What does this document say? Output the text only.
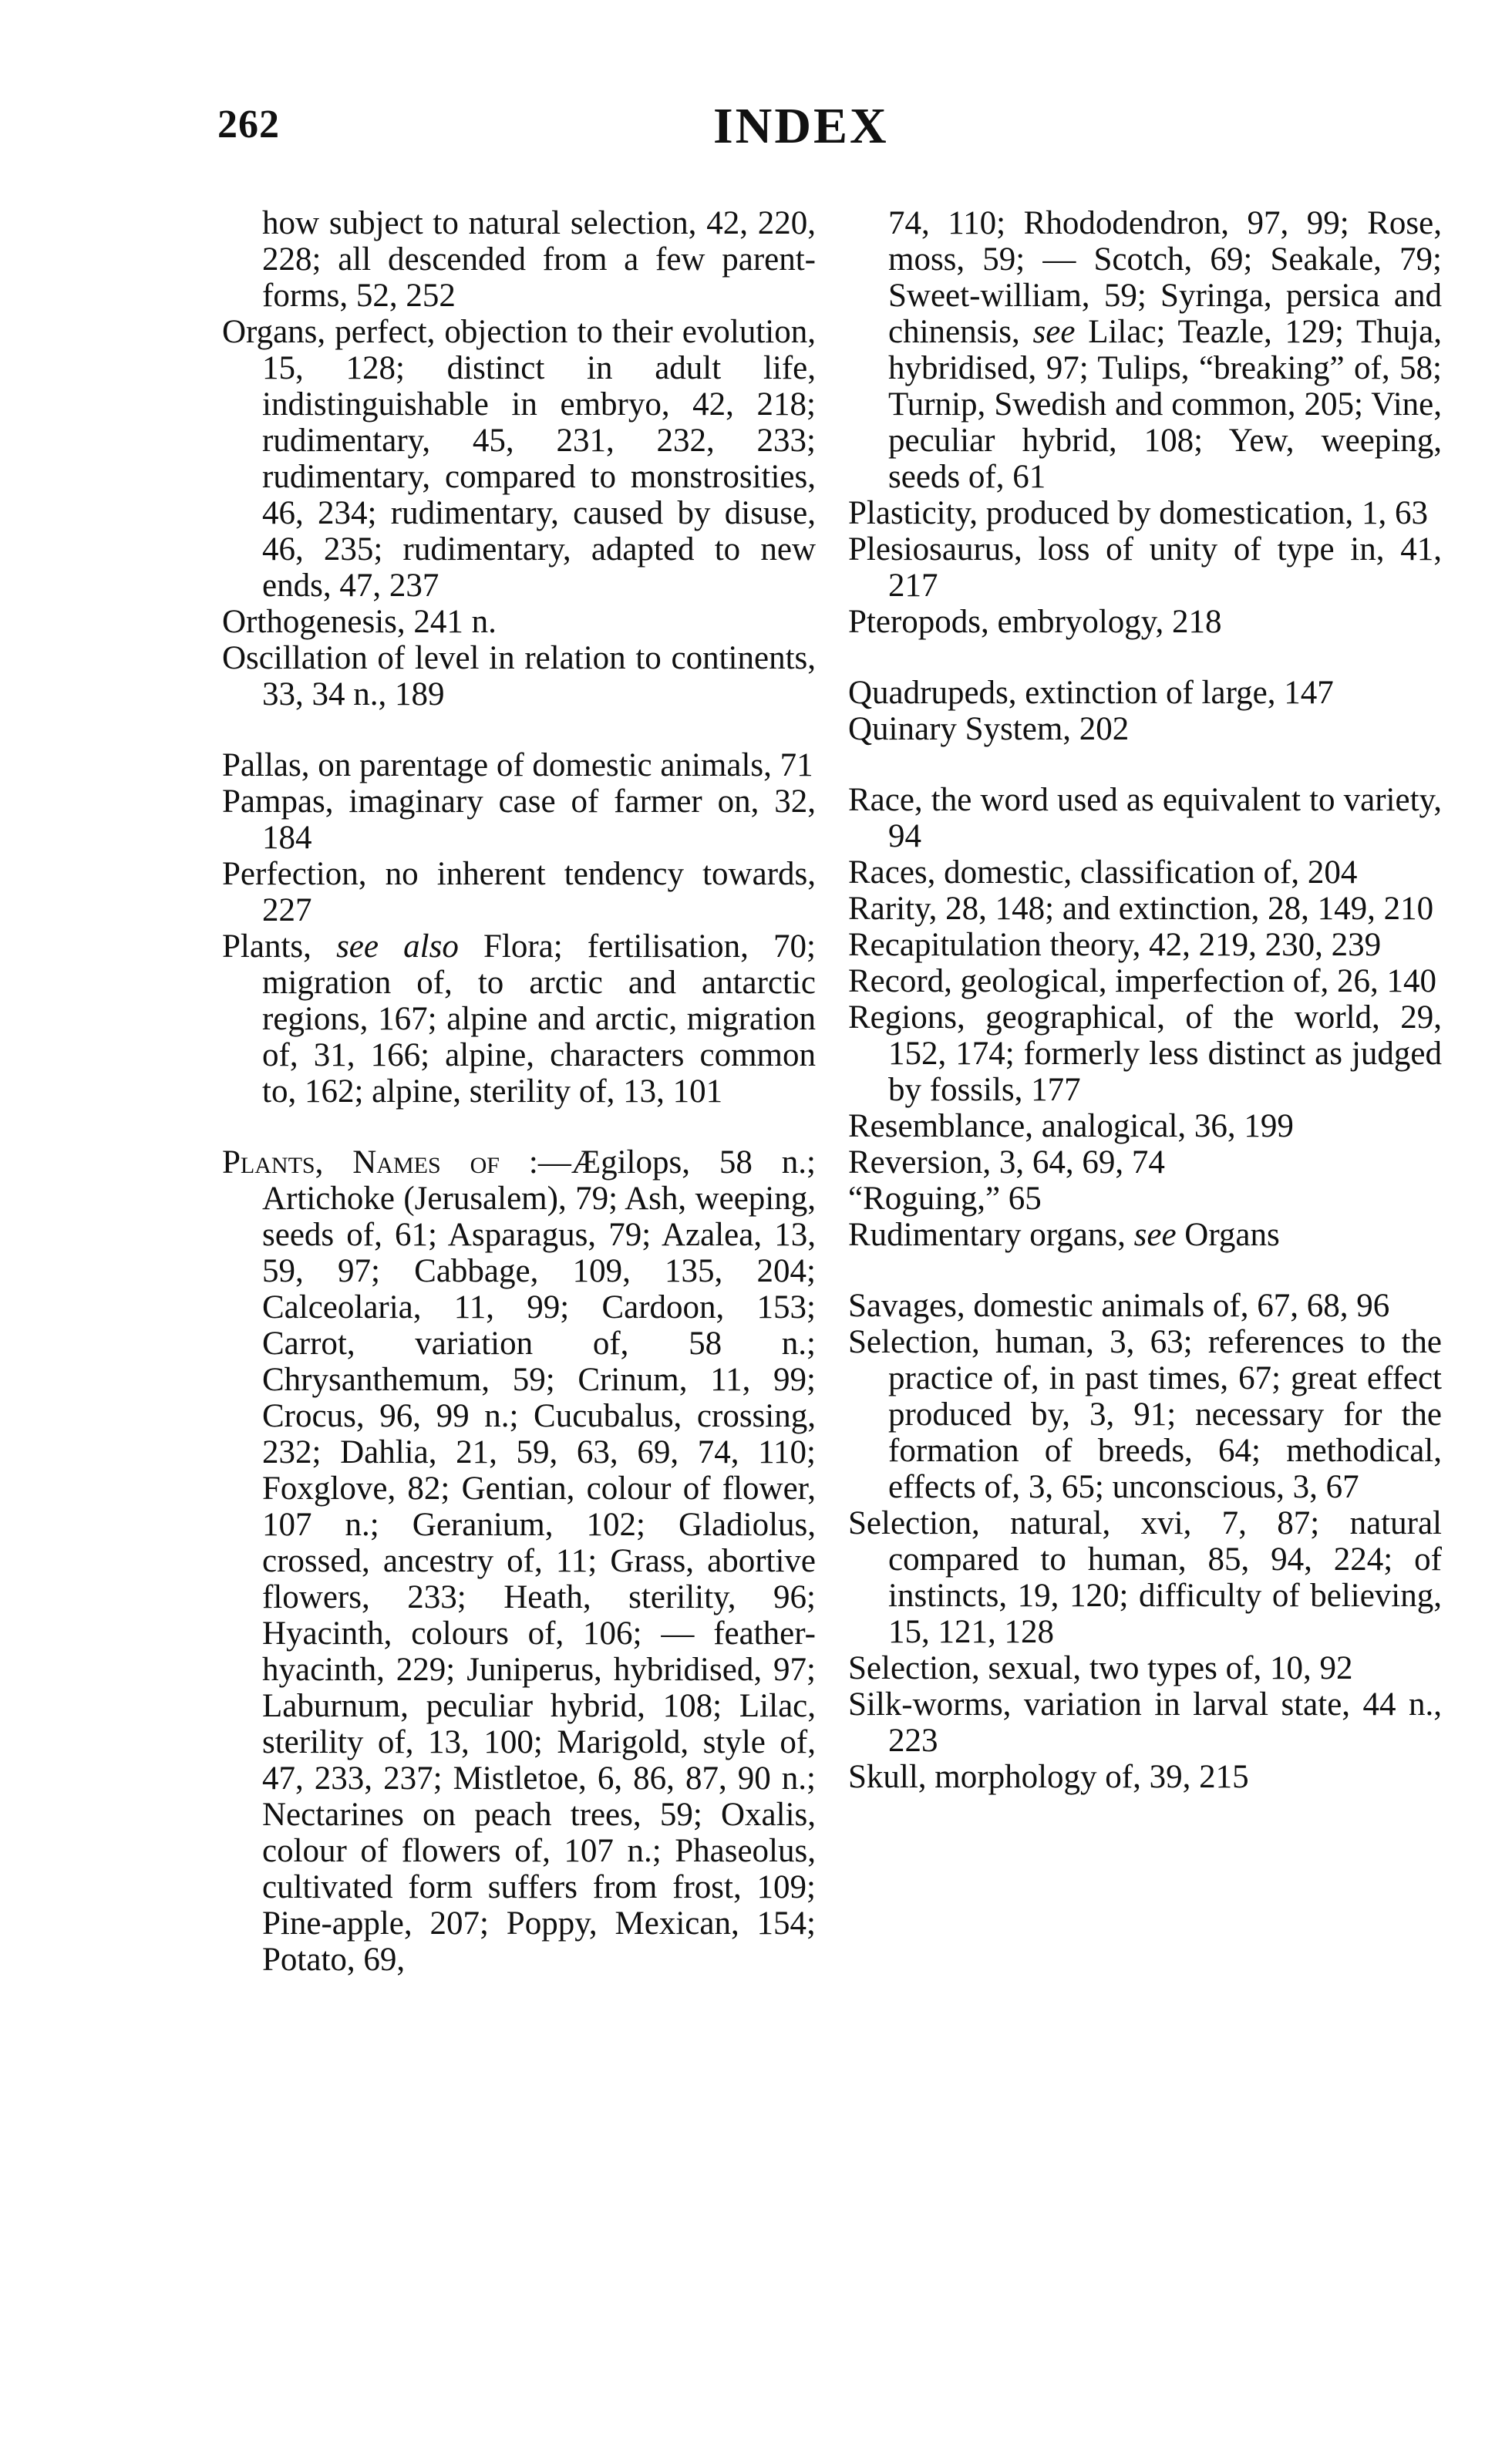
262	INDEX

how subject to natural selection, 42, 220, 228; all descended from a few parent-forms, 52, 252

Organs, perfect, objection to their evolution, 15, 128; distinct in adult life, indistinguishable in embryo, 42, 218; rudimentary, 45, 231, 232, 233; rudimentary, compared to monstrosities, 46, 234; rudimentary, caused by disuse, 46, 235; rudimentary, adapted to new ends, 47, 237

Orthogenesis, 241 n.

Oscillation of level in relation to continents, 33, 34 n., 189

Pallas, on parentage of domestic animals, 71

Pampas, imaginary case of farmer on, 32, 184

Perfection, no inherent tendency towards, 227

Plants, see also Flora; fertilisation, 70; migration of, to arctic and antarctic regions, 167; alpine and arctic, migration of, 31, 166; alpine, characters common to, 162; alpine, sterility of, 13, 101

Plants, Names of :—Ægilops, 58 n.; Artichoke (Jerusalem), 79; Ash, weeping, seeds of, 61; Asparagus, 79; Azalea, 13, 59, 97; Cabbage, 109, 135, 204; Calceolaria, 11, 99; Cardoon, 153; Carrot, variation of, 58 n.; Chrysanthemum, 59; Crinum, 11, 99; Crocus, 96, 99 n.; Cucubalus, crossing, 232; Dahlia, 21, 59, 63, 69, 74, 110; Foxglove, 82; Gentian, colour of flower, 107 n.; Geranium, 102; Gladiolus, crossed, ancestry of, 11; Grass, abortive flowers, 233; Heath, sterility, 96; Hyacinth, colours of, 106; — feather-hyacinth, 229; Juniperus, hybridised, 97; Laburnum, peculiar hybrid, 108; Lilac, sterility of, 13, 100; Marigold, style of, 47, 233, 237; Mistletoe, 6, 86, 87, 90 n.; Nectarines on peach trees, 59; Oxalis, colour of flowers of, 107 n.; Phaseolus, cultivated form suffers from frost, 109; Pine-apple, 207; Poppy, Mexican, 154; Potato, 69,

74, 110; Rhododendron, 97, 99; Rose, moss, 59; — Scotch, 69; Seakale, 79; Sweet-william, 59; Syringa, persica and chinensis, see Lilac; Teazle, 129; Thuja, hybridised, 97; Tulips, “breaking” of, 58; Turnip, Swedish and common, 205; Vine, peculiar hybrid, 108; Yew, weeping, seeds of, 61

Plasticity, produced by domestication, 1, 63

Plesiosaurus, loss of unity of type in, 41, 217

Pteropods, embryology, 218

Quadrupeds, extinction of large, 147

Quinary System, 202

Race, the word used as equivalent to variety, 94

Races, domestic, classification of, 204

Rarity, 28, 148; and extinction, 28, 149, 210

Recapitulation theory, 42, 219, 230, 239

Record, geological, imperfection of, 26, 140

Regions, geographical, of the world, 29, 152, 174; formerly less distinct as judged by fossils, 177

Resemblance, analogical, 36, 199

Reversion, 3, 64, 69, 74

“Roguing,” 65

Rudimentary organs, see Organs

Savages, domestic animals of, 67, 68, 96

Selection, human, 3, 63; references to the practice of, in past times, 67; great effect produced by, 3, 91; necessary for the formation of breeds, 64; methodical, effects of, 3, 65; unconscious, 3, 67

Selection, natural, xvi, 7, 87; natural compared to human, 85, 94, 224; of instincts, 19, 120; difficulty of believing, 15, 121, 128

Selection, sexual, two types of, 10, 92

Silk-worms, variation in larval state, 44 n., 223

Skull, morphology of, 39, 215
